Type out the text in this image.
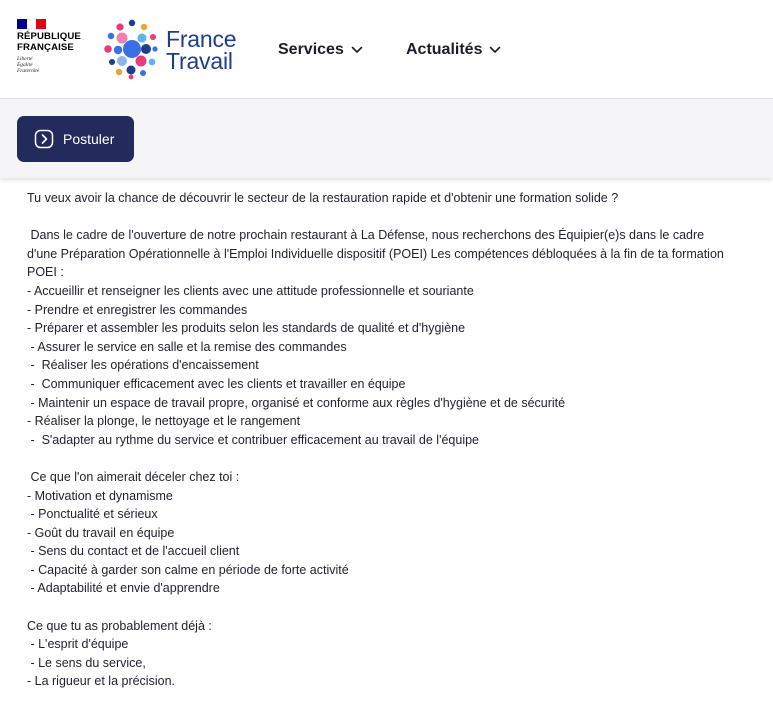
RÉPUBLIQUE
FRANÇAISE
Liberté
Égalité
Fraternité
France
Travail	Services	Actualités
Postuler

Tu veux avoir la chance de découvrir le secteur de la restauration rapide et d'obtenir une formation solide ?

Dans le cadre de l'ouverture de notre prochain restaurant à La Défense, nous recherchons des Équipier(e)s dans le cadre d'une Préparation Opérationnelle à l'Emploi Individuelle dispositif (POEI) Les compétences débloquées à la fin de ta formation POEI :

- Accueillir et renseigner les clients avec une attitude professionnelle et souriante

- Prendre et enregistrer les commandes

- Préparer et assembler les produits selon les standards de qualité et d'hygiène

- Assurer le service en salle et la remise des commandes

-  Réaliser les opérations d'encaissement

-  Communiquer efficacement avec les clients et travailler en équipe

- Maintenir un espace de travail propre, organisé et conforme aux règles d'hygiène et de sécurité

- Réaliser la plonge, le nettoyage et le rangement

-  S'adapter au rythme du service et contribuer efficacement au travail de l'équipe

Ce que l'on aimerait déceler chez toi :

- Motivation et dynamisme

- Ponctualité et sérieux

- Goût du travail en équipe

- Sens du contact et de l'accueil client

- Capacité à garder son calme en période de forte activité

- Adaptabilité et envie d'apprendre

Ce que tu as probablement déjà :

- L'esprit d'équipe

- Le sens du service,

- La rigueur et la précision.
